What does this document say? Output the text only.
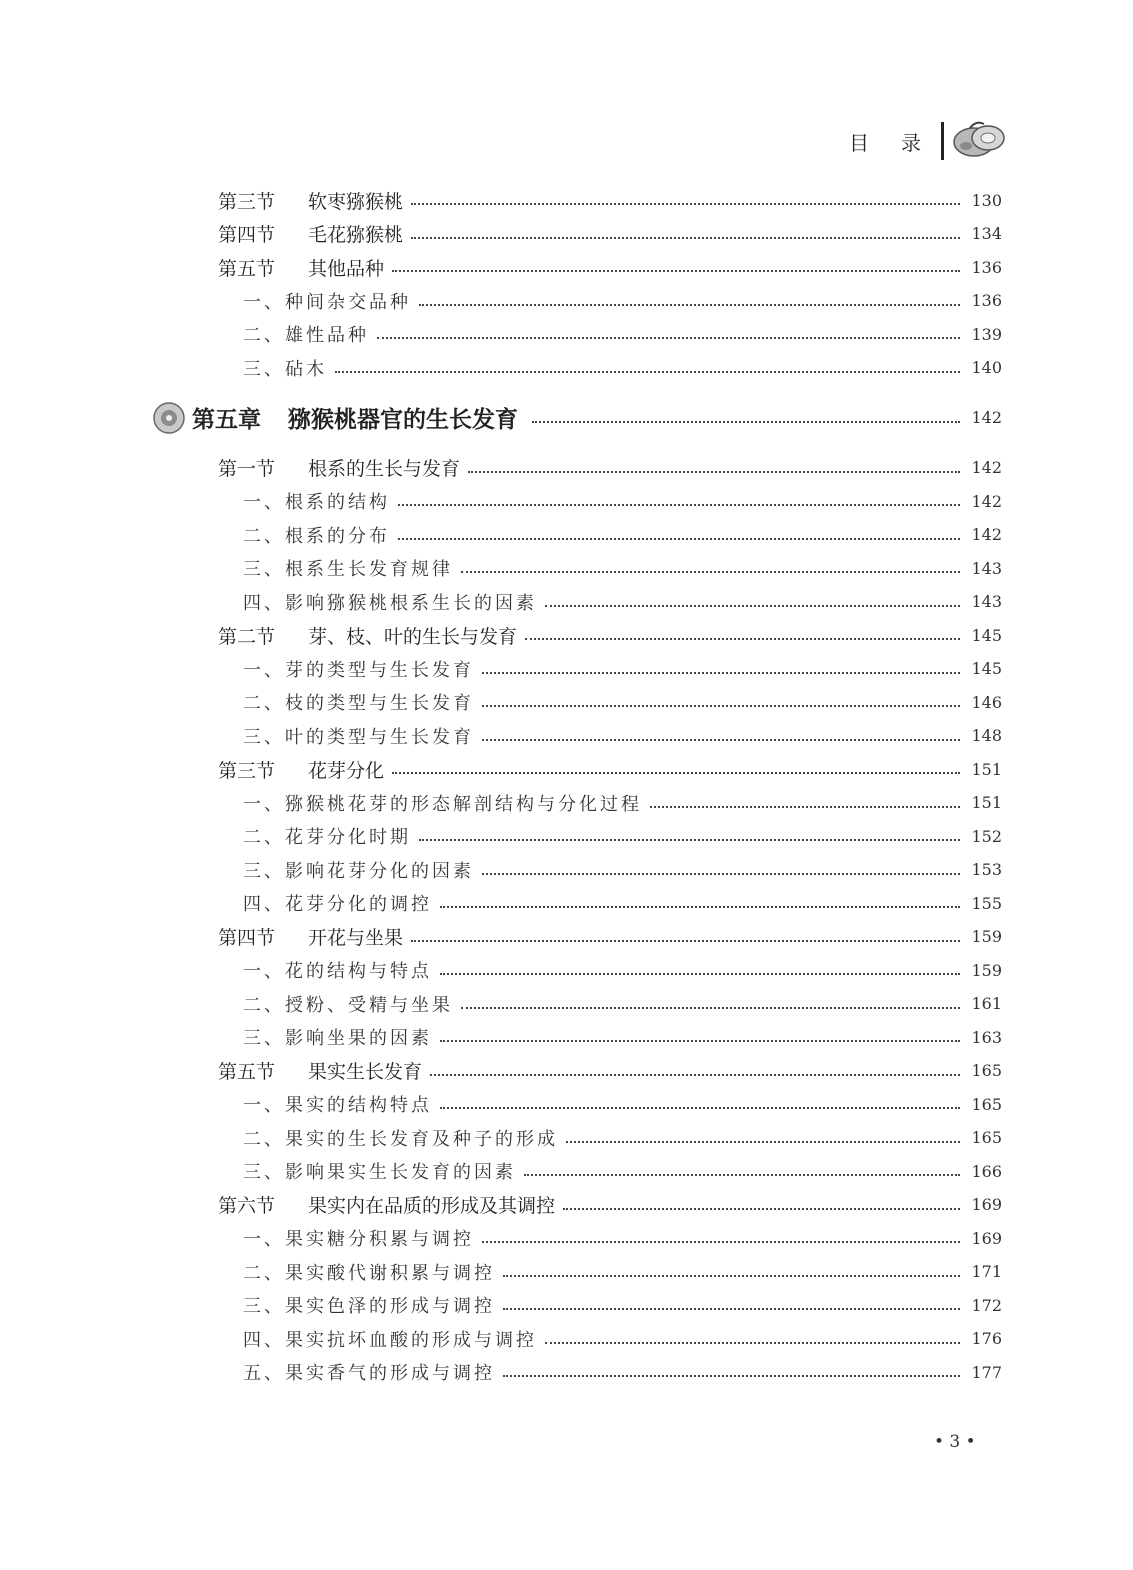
目 录
第三节	软枣猕猴桃	130
第四节	毛花猕猴桃	134
第五节	其他品种	136
一、种间杂交品种	136
二、雄性品种	139
三、砧木	140
第五章	猕猴桃器官的生长发育	142
第一节	根系的生长与发育	142
一、根系的结构	142
二、根系的分布	142
三、根系生长发育规律	143
四、影响猕猴桃根系生长的因素	143
第二节	芽、枝、叶的生长与发育	145
一、芽的类型与生长发育	145
二、枝的类型与生长发育	146
三、叶的类型与生长发育	148
第三节	花芽分化	151
一、猕猴桃花芽的形态解剖结构与分化过程	151
二、花芽分化时期	152
三、影响花芽分化的因素	153
四、花芽分化的调控	155
第四节	开花与坐果	159
一、花的结构与特点	159
二、授粉、受精与坐果	161
三、影响坐果的因素	163
第五节	果实生长发育	165
一、果实的结构特点	165
二、果实的生长发育及种子的形成	165
三、影响果实生长发育的因素	166
第六节	果实内在品质的形成及其调控	169
一、果实糖分积累与调控	169
二、果实酸代谢积累与调控	171
三、果实色泽的形成与调控	172
四、果实抗坏血酸的形成与调控	176
五、果实香气的形成与调控	177
• 3 •
